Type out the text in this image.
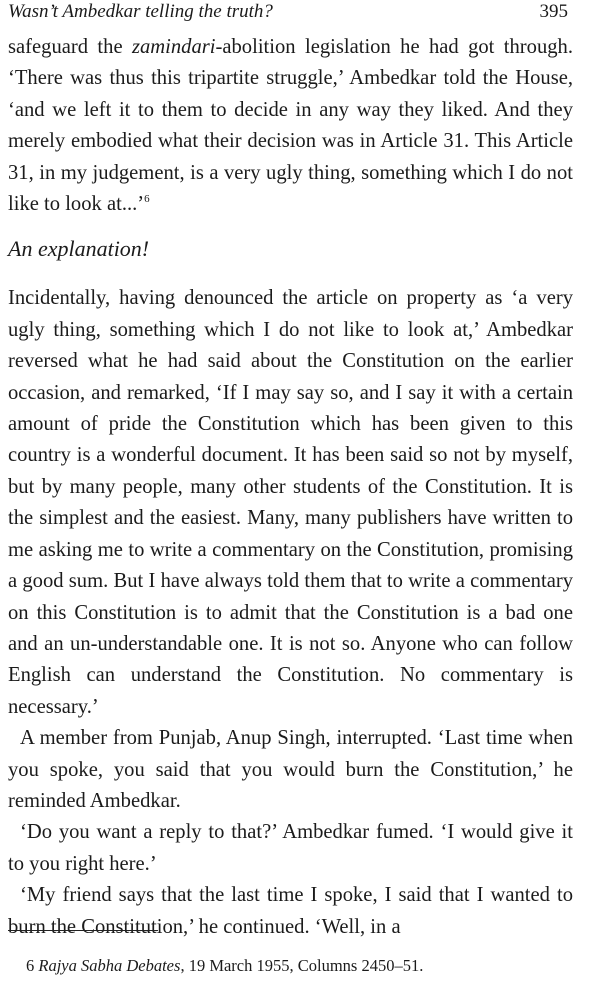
Wasn’t Ambedkar telling the truth?	395

safeguard the zamindari-abolition legislation he had got through. ‘There was thus this tripartite struggle,’ Ambedkar told the House, ‘and we left it to them to decide in any way they liked. And they merely embodied what their decision was in Article 31. This Article 31, in my judgement, is a very ugly thing, something which I do not like to look at...’$^6$

An explanation!

Incidentally, having denounced the article on property as ‘a very ugly thing, something which I do not like to look at,’ Ambedkar reversed what he had said about the Constitution on the earlier occasion, and remarked, ‘If I may say so, and I say it with a certain amount of pride the Constitution which has been given to this country is a wonderful document. It has been said so not by myself, but by many people, many other students of the Constitution. It is the simplest and the easiest. Many, many publishers have written to me asking me to write a commentary on the Constitution, promising a good sum. But I have always told them that to write a commentary on this Constitution is to admit that the Constitution is a bad one and an un-understandable one. It is not so. Anyone who can follow English can understand the Constitution. No commentary is necessary.’

A member from Punjab, Anup Singh, interrupted. ‘Last time when you spoke, you said that you would burn the Constitution,’ he reminded Ambedkar.

‘Do you want a reply to that?’ Ambedkar fumed. ‘I would give it to you right here.’

‘My friend says that the last time I spoke, I said that I wanted to burn the Constitution,’ he continued. ‘Well, in a

6 Rajya Sabha Debates, 19 March 1955, Columns 2450–51.
